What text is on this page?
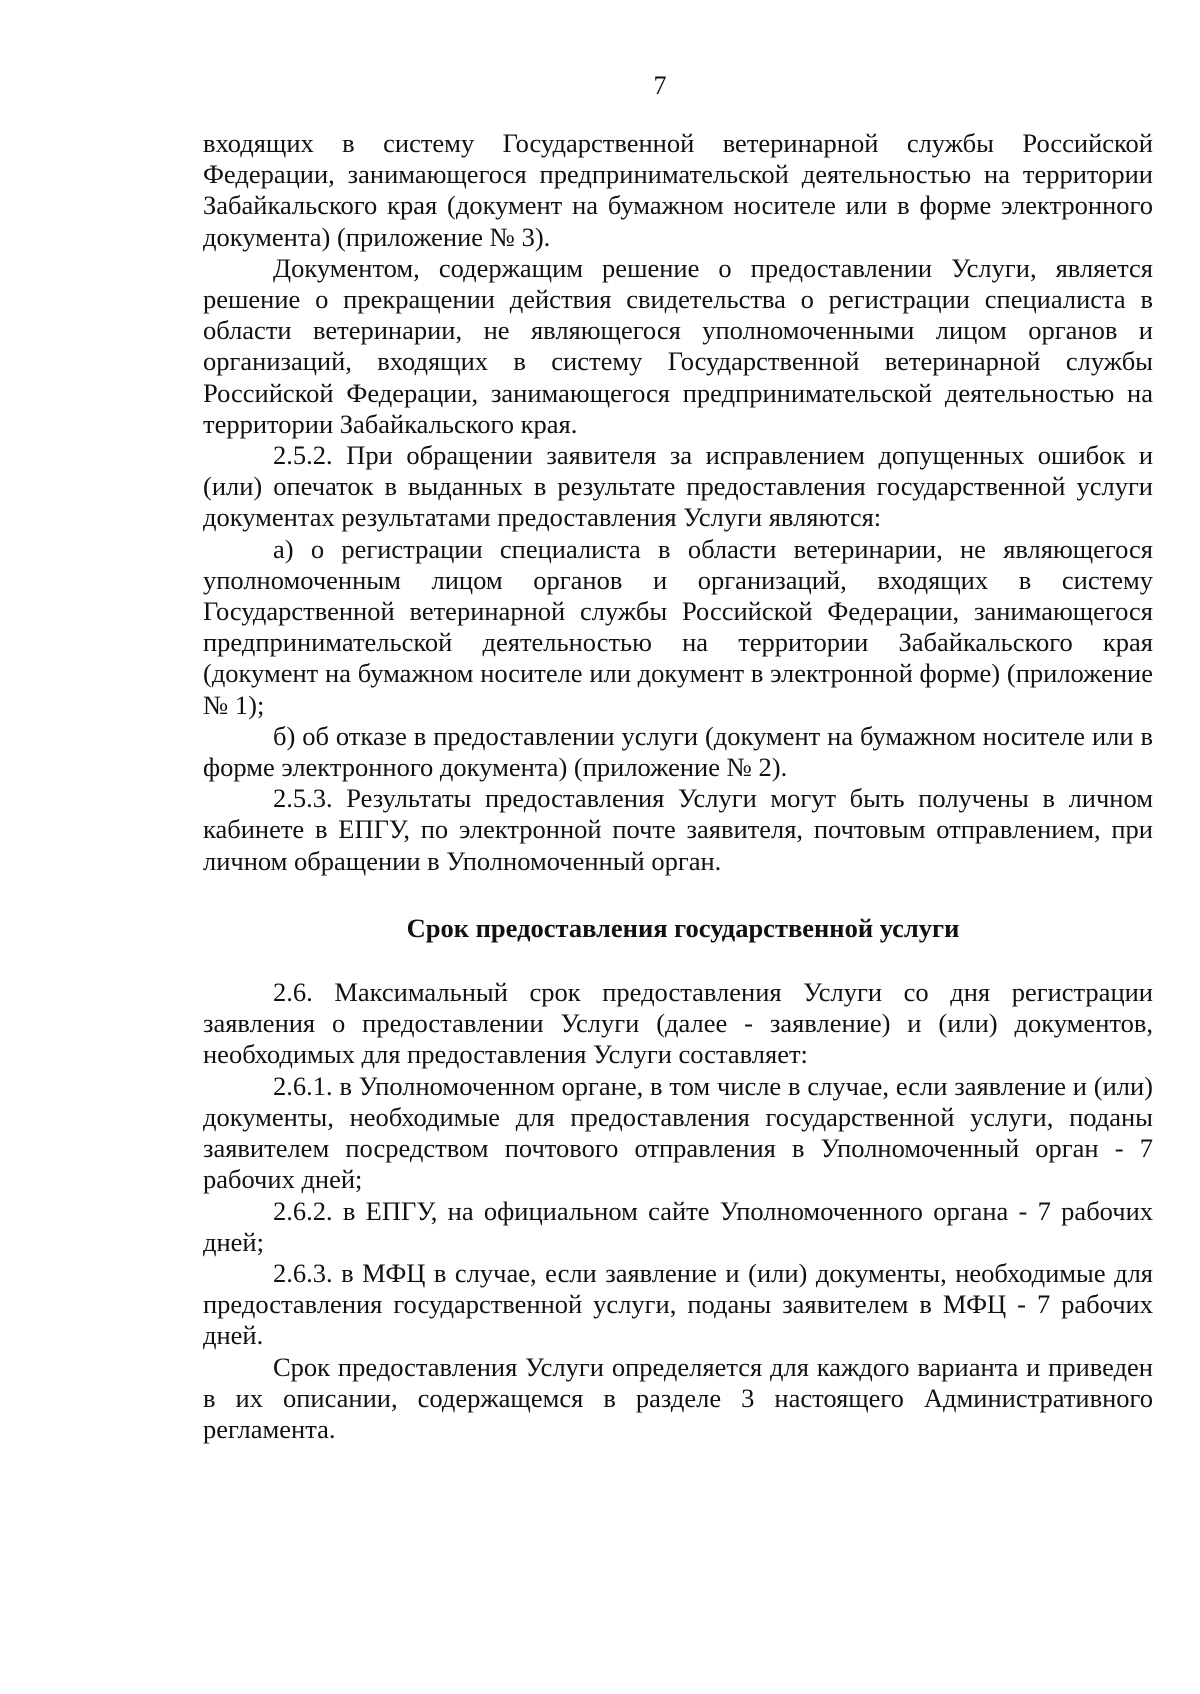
7

входящих в систему Государственной ветеринарной службы Российской Федерации, занимающегося предпринимательской деятельностью на территории Забайкальского края (документ на бумажном носителе или в форме электронного документа) (приложение № 3).

Документом, содержащим решение о предоставлении Услуги, является решение о прекращении действия свидетельства о регистрации специалиста в области ветеринарии, не являющегося уполномоченными лицом органов и организаций, входящих в систему Государственной ветеринарной службы Российской Федерации, занимающегося предпринимательской деятельностью на территории Забайкальского края.

2.5.2. При обращении заявителя за исправлением допущенных ошибок и (или) опечаток в выданных в результате предоставления государственной услуги документах результатами предоставления Услуги являются:

а) о регистрации специалиста в области ветеринарии, не являющегося уполномоченным лицом органов и организаций, входящих в систему Государственной ветеринарной службы Российской Федерации, занимающегося предпринимательской деятельностью на территории Забайкальского края (документ на бумажном носителе или документ в электронной форме) (приложение № 1);

б) об отказе в предоставлении услуги (документ на бумажном носителе или в форме электронного документа) (приложение № 2).

2.5.3. Результаты предоставления Услуги могут быть получены в личном кабинете в ЕПГУ, по электронной почте заявителя, почтовым отправлением, при личном обращении в Уполномоченный орган.

Срок предоставления государственной услуги

2.6. Максимальный срок предоставления Услуги со дня регистрации заявления о предоставлении Услуги (далее - заявление) и (или) документов, необходимых для предоставления Услуги составляет:

2.6.1. в Уполномоченном органе, в том числе в случае, если заявление и (или) документы, необходимые для предоставления государственной услуги, поданы заявителем посредством почтового отправления в Уполномоченный орган - 7 рабочих дней;

2.6.2. в ЕПГУ, на официальном сайте Уполномоченного органа - 7 рабочих дней;

2.6.3. в МФЦ в случае, если заявление и (или) документы, необходимые для предоставления государственной услуги, поданы заявителем в МФЦ - 7 рабочих дней.

Срок предоставления Услуги определяется для каждого варианта и приведен в их описании, содержащемся в разделе 3 настоящего Административного регламента.
